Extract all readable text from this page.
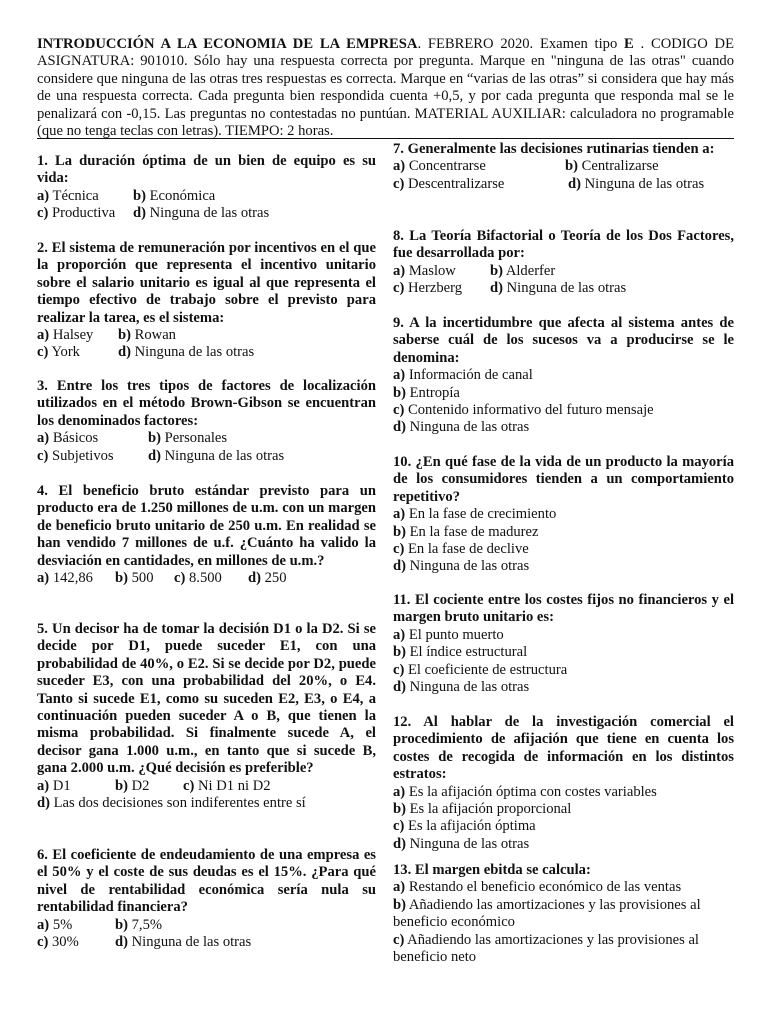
INTRODUCCIÓN A LA ECONOMIA DE LA EMPRESA. FEBRERO 2020. Examen tipo E . CODIGO DE ASIGNATURA: 901010. Sólo hay una respuesta correcta por pregunta. Marque en "ninguna de las otras" cuando considere que ninguna de las otras tres respuestas es correcta. Marque en “varias de las otras” si considera que hay más de una respuesta correcta. Cada pregunta bien respondida cuenta +0,5, y por cada pregunta que responda mal se le penalizará con -0,15. Las preguntas no contestadas no puntúan. MATERIAL AUXILIAR: calculadora no programable (que no tenga teclas con letras). TIEMPO: 2 horas.
1. La duración óptima de un bien de equipo es su vida:
a) Técnica b) Económica
c) Productiva d) Ninguna de las otras
2. El sistema de remuneración por incentivos en el que la proporción que representa el incentivo unitario sobre el salario unitario es igual al que representa el tiempo efectivo de trabajo sobre el previsto para realizar la tarea, es el sistema:
a) Halsey b) Rowan
c) York	d) Ninguna de las otras
3. Entre los tres tipos de factores de localización utilizados en el método Brown-Gibson se encuentran los denominados factores:
a) Básicos	b) Personales
c) Subjetivos d) Ninguna de las otras
4. El beneficio bruto estándar previsto para un producto era de 1.250 millones de u.m. con un margen de beneficio bruto unitario de 250 u.m. En realidad se han vendido 7 millones de u.f. ¿Cuánto ha valido la desviación en cantidades, en millones de u.m.?
a) 142,86 b) 500 c) 8.500 d) 250
5. Un decisor ha de tomar la decisión D1 o la D2. Si se decide por D1, puede suceder E1, con una probabilidad de 40%, o E2. Si se decide por D2, puede suceder E3, con una probabilidad del 20%, o E4. Tanto si sucede E1, como su suceden E2, E3, o E4, a continuación pueden suceder A o B, que tienen la misma probabilidad. Si finalmente sucede A, el decisor gana 1.000 u.m., en tanto que si sucede B, gana 2.000 u.m. ¿Qué decisión es preferible?
a) D1	b) D2 c) Ni D1 ni D2
d) Las dos decisiones son indiferentes entre sí
6. El coeficiente de endeudamiento de una empresa es el 50% y el coste de sus deudas es el 15%. ¿Para qué nivel de rentabilidad económica sería nula su rentabilidad financiera?
a) 5%	b) 7,5%
c) 30% d) Ninguna de las otras
7. Generalmente las decisiones rutinarias tienden a:
a) Concentrarse	b) Centralizarse
c) Descentralizarse	d) Ninguna de las otras
8. La Teoría Bifactorial o Teoría de los Dos Factores, fue desarrollada por:
a) Maslow b) Alderfer
c) Herzberg d) Ninguna de las otras
9. A la incertidumbre que afecta al sistema antes de saberse cuál de los sucesos va a producirse se le denomina:
a) Información de canal
b) Entropía
c) Contenido informativo del futuro mensaje
d) Ninguna de las otras
10. ¿En qué fase de la vida de un producto la mayoría de los consumidores tienden a un comportamiento repetitivo?
a) En la fase de crecimiento
b) En la fase de madurez
c) En la fase de declive
d) Ninguna de las otras
11. El cociente entre los costes fijos no financieros y el margen bruto unitario es:
a) El punto muerto
b) El índice estructural
c) El coeficiente de estructura
d) Ninguna de las otras
12. Al hablar de la investigación comercial el procedimiento de afijación que tiene en cuenta los costes de recogida de información en los distintos estratos:
a) Es la afijación óptima con costes variables
b) Es la afijación proporcional
c) Es la afijación óptima
d) Ninguna de las otras
13. El margen ebitda se calcula:
a) Restando el beneficio económico de las ventas
b) Añadiendo las amortizaciones y las provisiones al beneficio económico
c) Añadiendo las amortizaciones y las provisiones al beneficio neto
